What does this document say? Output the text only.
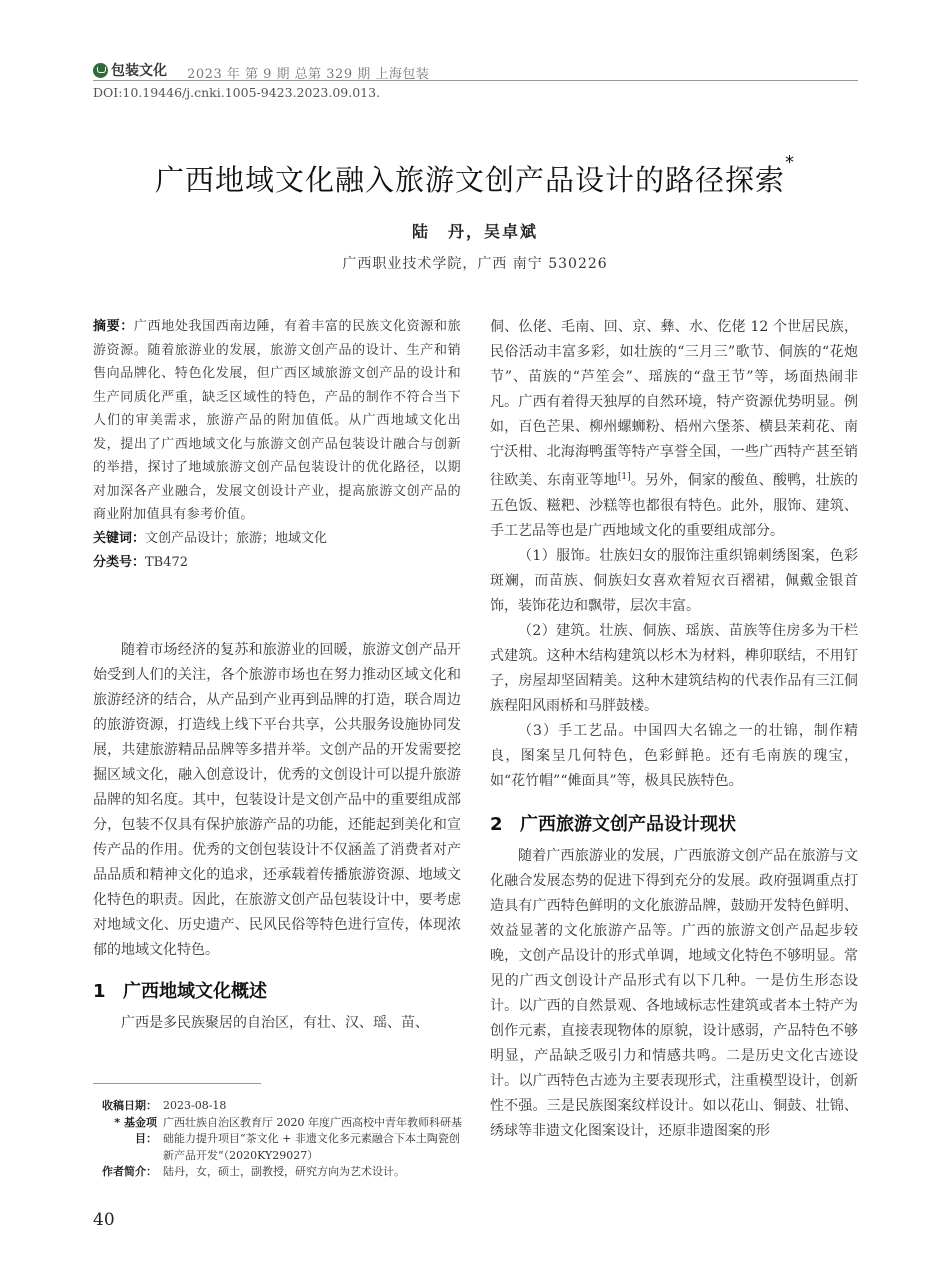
包装文化 2023 年 第 9 期 总第 329 期 上海包装
DOI:10.19446/j.cnki.1005-9423.2023.09.013.
广西地域文化融入旅游文创产品设计的路径探索*
陆　丹，吴卓斌
广西职业技术学院，广西 南宁 530226

摘要：广西地处我国西南边陲，有着丰富的民族文化资源和旅游资源。随着旅游业的发展，旅游文创产品的设计、生产和销售向品牌化、特色化发展，但广西区域旅游文创产品的设计和生产同质化严重，缺乏区域性的特色，产品的制作不符合当下人们的审美需求，旅游产品的附加值低。从广西地域文化出发，提出了广西地域文化与旅游文创产品包装设计融合与创新的举措，探讨了地域旅游文创产品包装设计的优化路径，以期对加深各产业融合，发展文创设计产业，提高旅游文创产品的商业附加值具有参考价值。

关键词：文创产品设计；旅游；地域文化

分类号：TB472

随着市场经济的复苏和旅游业的回暖，旅游文创产品开始受到人们的关注，各个旅游市场也在努力推动区域文化和旅游经济的结合，从产品到产业再到品牌的打造，联合周边的旅游资源，打造线上线下平台共享，公共服务设施协同发展，共建旅游精品品牌等多措并举。文创产品的开发需要挖掘区域文化，融入创意设计，优秀的文创设计可以提升旅游品牌的知名度。其中，包装设计是文创产品中的重要组成部分，包装不仅具有保护旅游产品的功能，还能起到美化和宣传产品的作用。优秀的文创包装设计不仅涵盖了消费者对产品品质和精神文化的追求，还承载着传播旅游资源、地域文化特色的职责。因此，在旅游文创产品包装设计中，要考虑对地域文化、历史遗产、民风民俗等特色进行宣传，体现浓郁的地域文化特色。

1 广西地域文化概述

广西是多民族聚居的自治区，有壮、汉、瑶、苗、

收稿日期： 2023-08-18
* 基金项目：
广西壮族自治区教育厅 2020 年度广西高校中青年教师科研基础能力提升项目“茶文化 + 非遗文化多元素融合下本土陶瓷创新产品开发”（2020KY29027）
作者简介： 陆丹，女，硕士，副教授，研究方向为艺术设计。
40

侗、仫佬、毛南、回、京、彝、水、仡佬 12 个世居民族，民俗活动丰富多彩，如壮族的“三月三”歌节、侗族的“花炮节”、苗族的“芦笙会”、瑶族的“盘王节”等，场面热闹非凡。广西有着得天独厚的自然环境，特产资源优势明显。例如，百色芒果、柳州螺蛳粉、梧州六堡茶、横县茉莉花、南宁沃柑、北海海鸭蛋等特产享誉全国，一些广西特产甚至销往欧美、东南亚等地[1]。另外，侗家的酸鱼、酸鸭，壮族的五色饭、糍粑、沙糕等也都很有特色。此外，服饰、建筑、手工艺品等也是广西地域文化的重要组成部分。

（1）服饰。壮族妇女的服饰注重织锦刺绣图案，色彩斑斓，而苗族、侗族妇女喜欢着短衣百褶裙，佩戴金银首饰，装饰花边和飘带，层次丰富。

（2）建筑。壮族、侗族、瑶族、苗族等住房多为干栏式建筑。这种木结构建筑以杉木为材料，榫卯联结，不用钉子，房屋却坚固精美。这种木建筑结构的代表作品有三江侗族程阳风雨桥和马胖鼓楼。

（3）手工艺品。中国四大名锦之一的壮锦，制作精良，图案呈几何特色，色彩鲜艳。还有毛南族的瑰宝，如“花竹帽”“傩面具”等，极具民族特色。

2 广西旅游文创产品设计现状

随着广西旅游业的发展，广西旅游文创产品在旅游与文化融合发展态势的促进下得到充分的发展。政府强调重点打造具有广西特色鲜明的文化旅游品牌，鼓励开发特色鲜明、效益显著的文化旅游产品等。广西的旅游文创产品起步较晚，文创产品设计的形式单调，地域文化特色不够明显。常见的广西文创设计产品形式有以下几种。一是仿生形态设计。以广西的自然景观、各地域标志性建筑或者本土特产为创作元素，直接表现物体的原貌，设计感弱，产品特色不够明显，产品缺乏吸引力和情感共鸣。二是历史文化古迹设计。以广西特色古迹为主要表现形式，注重模型设计，创新性不强。三是民族图案纹样设计。如以花山、铜鼓、壮锦、绣球等非遗文化图案设计，还原非遗图案的形
